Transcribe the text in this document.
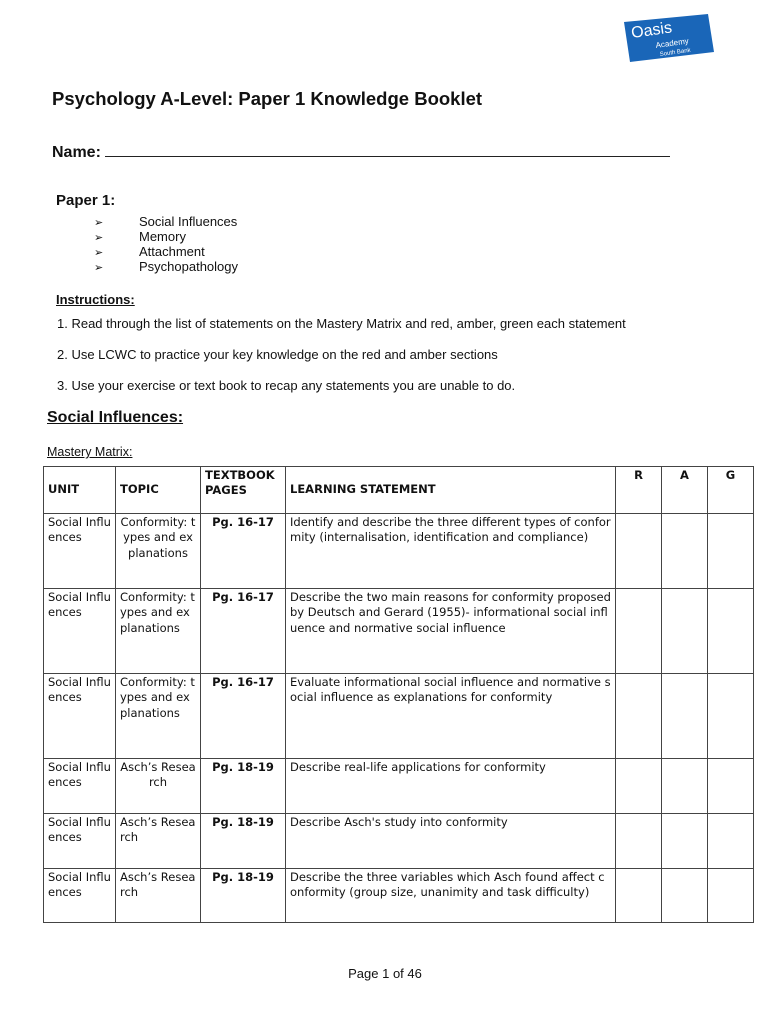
Oasis
Academy
South Bank
Psychology A-Level: Paper 1 Knowledge Booklet
Name:
Paper 1:
➢	Social Influences
➢	Memory
➢	Attachment
➢	Psychopathology
Instructions:
1. Read through the list of statements on the Mastery Matrix and red, amber, green each statement
2. Use LCWC to practice your key knowledge on the red and amber sections
3. Use your exercise or text book to recap any statements you are unable to do.
Social Influences:
Mastery Matrix:
UNIT	TOPIC	TEXTBOOK PAGES	LEARNING STATEMENT	R	A	G
Social Influences	Conformity: types and explanations	Pg. 16-17	Identify and describe the three different types of conformity (internalisation, identification and compliance)			
Social Influences	Conformity: types and explanations	Pg. 16-17	Describe the two main reasons for conformity proposed by Deutsch and Gerard (1955)- informational social influence and normative social influence			
Social Influences	Conformity: types and explanations	Pg. 16-17	Evaluate informational social influence and normative social influence as explanations for conformity			
Social Influences	Asch’s Research	Pg. 18-19	Describe real-life applications for conformity			
Social Influences	Asch’s Research	Pg. 18-19	Describe Asch's study into conformity			
Social Influences	Asch’s Research	Pg. 18-19	Describe the three variables which Asch found affect conformity (group size, unanimity and task difficulty)			
Page 1 of 46
